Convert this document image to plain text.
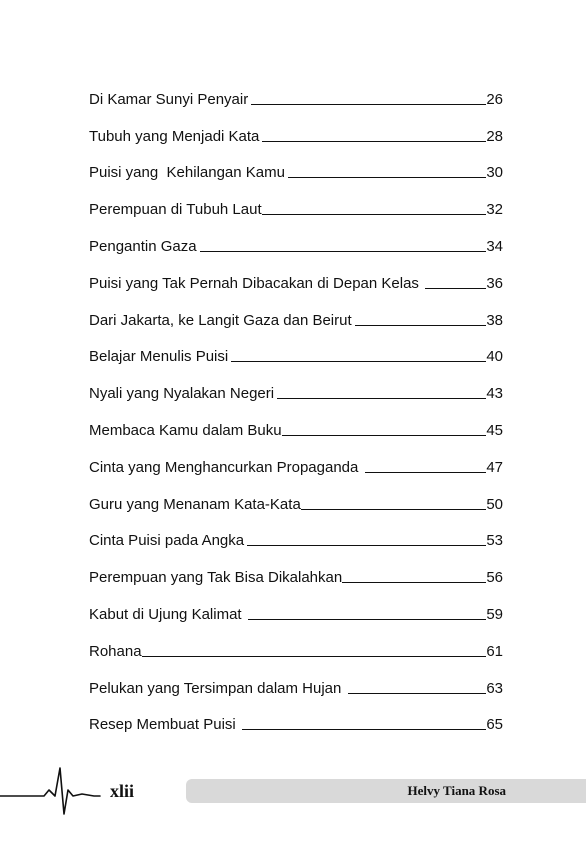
Di Kamar Sunyi Penyair	26
Tubuh yang Menjadi Kata	28
Puisi yang  Kehilangan Kamu	30
Perempuan di Tubuh Laut	32
Pengantin Gaza	34
Puisi yang Tak Pernah Dibacakan di Depan Kelas	36
Dari Jakarta, ke Langit Gaza dan Beirut	38
Belajar Menulis Puisi	40
Nyali yang Nyalakan Negeri	43
Membaca Kamu dalam Buku	45
Cinta yang Menghancurkan Propaganda	47
Guru yang Menanam Kata-Kata	50
Cinta Puisi pada Angka	53
Perempuan yang Tak Bisa Dikalahkan	56
Kabut di Ujung Kalimat	59
Rohana	61
Pelukan yang Tersimpan dalam Hujan	63
Resep Membuat Puisi	65
xlii	Helvy Tiana Rosa
